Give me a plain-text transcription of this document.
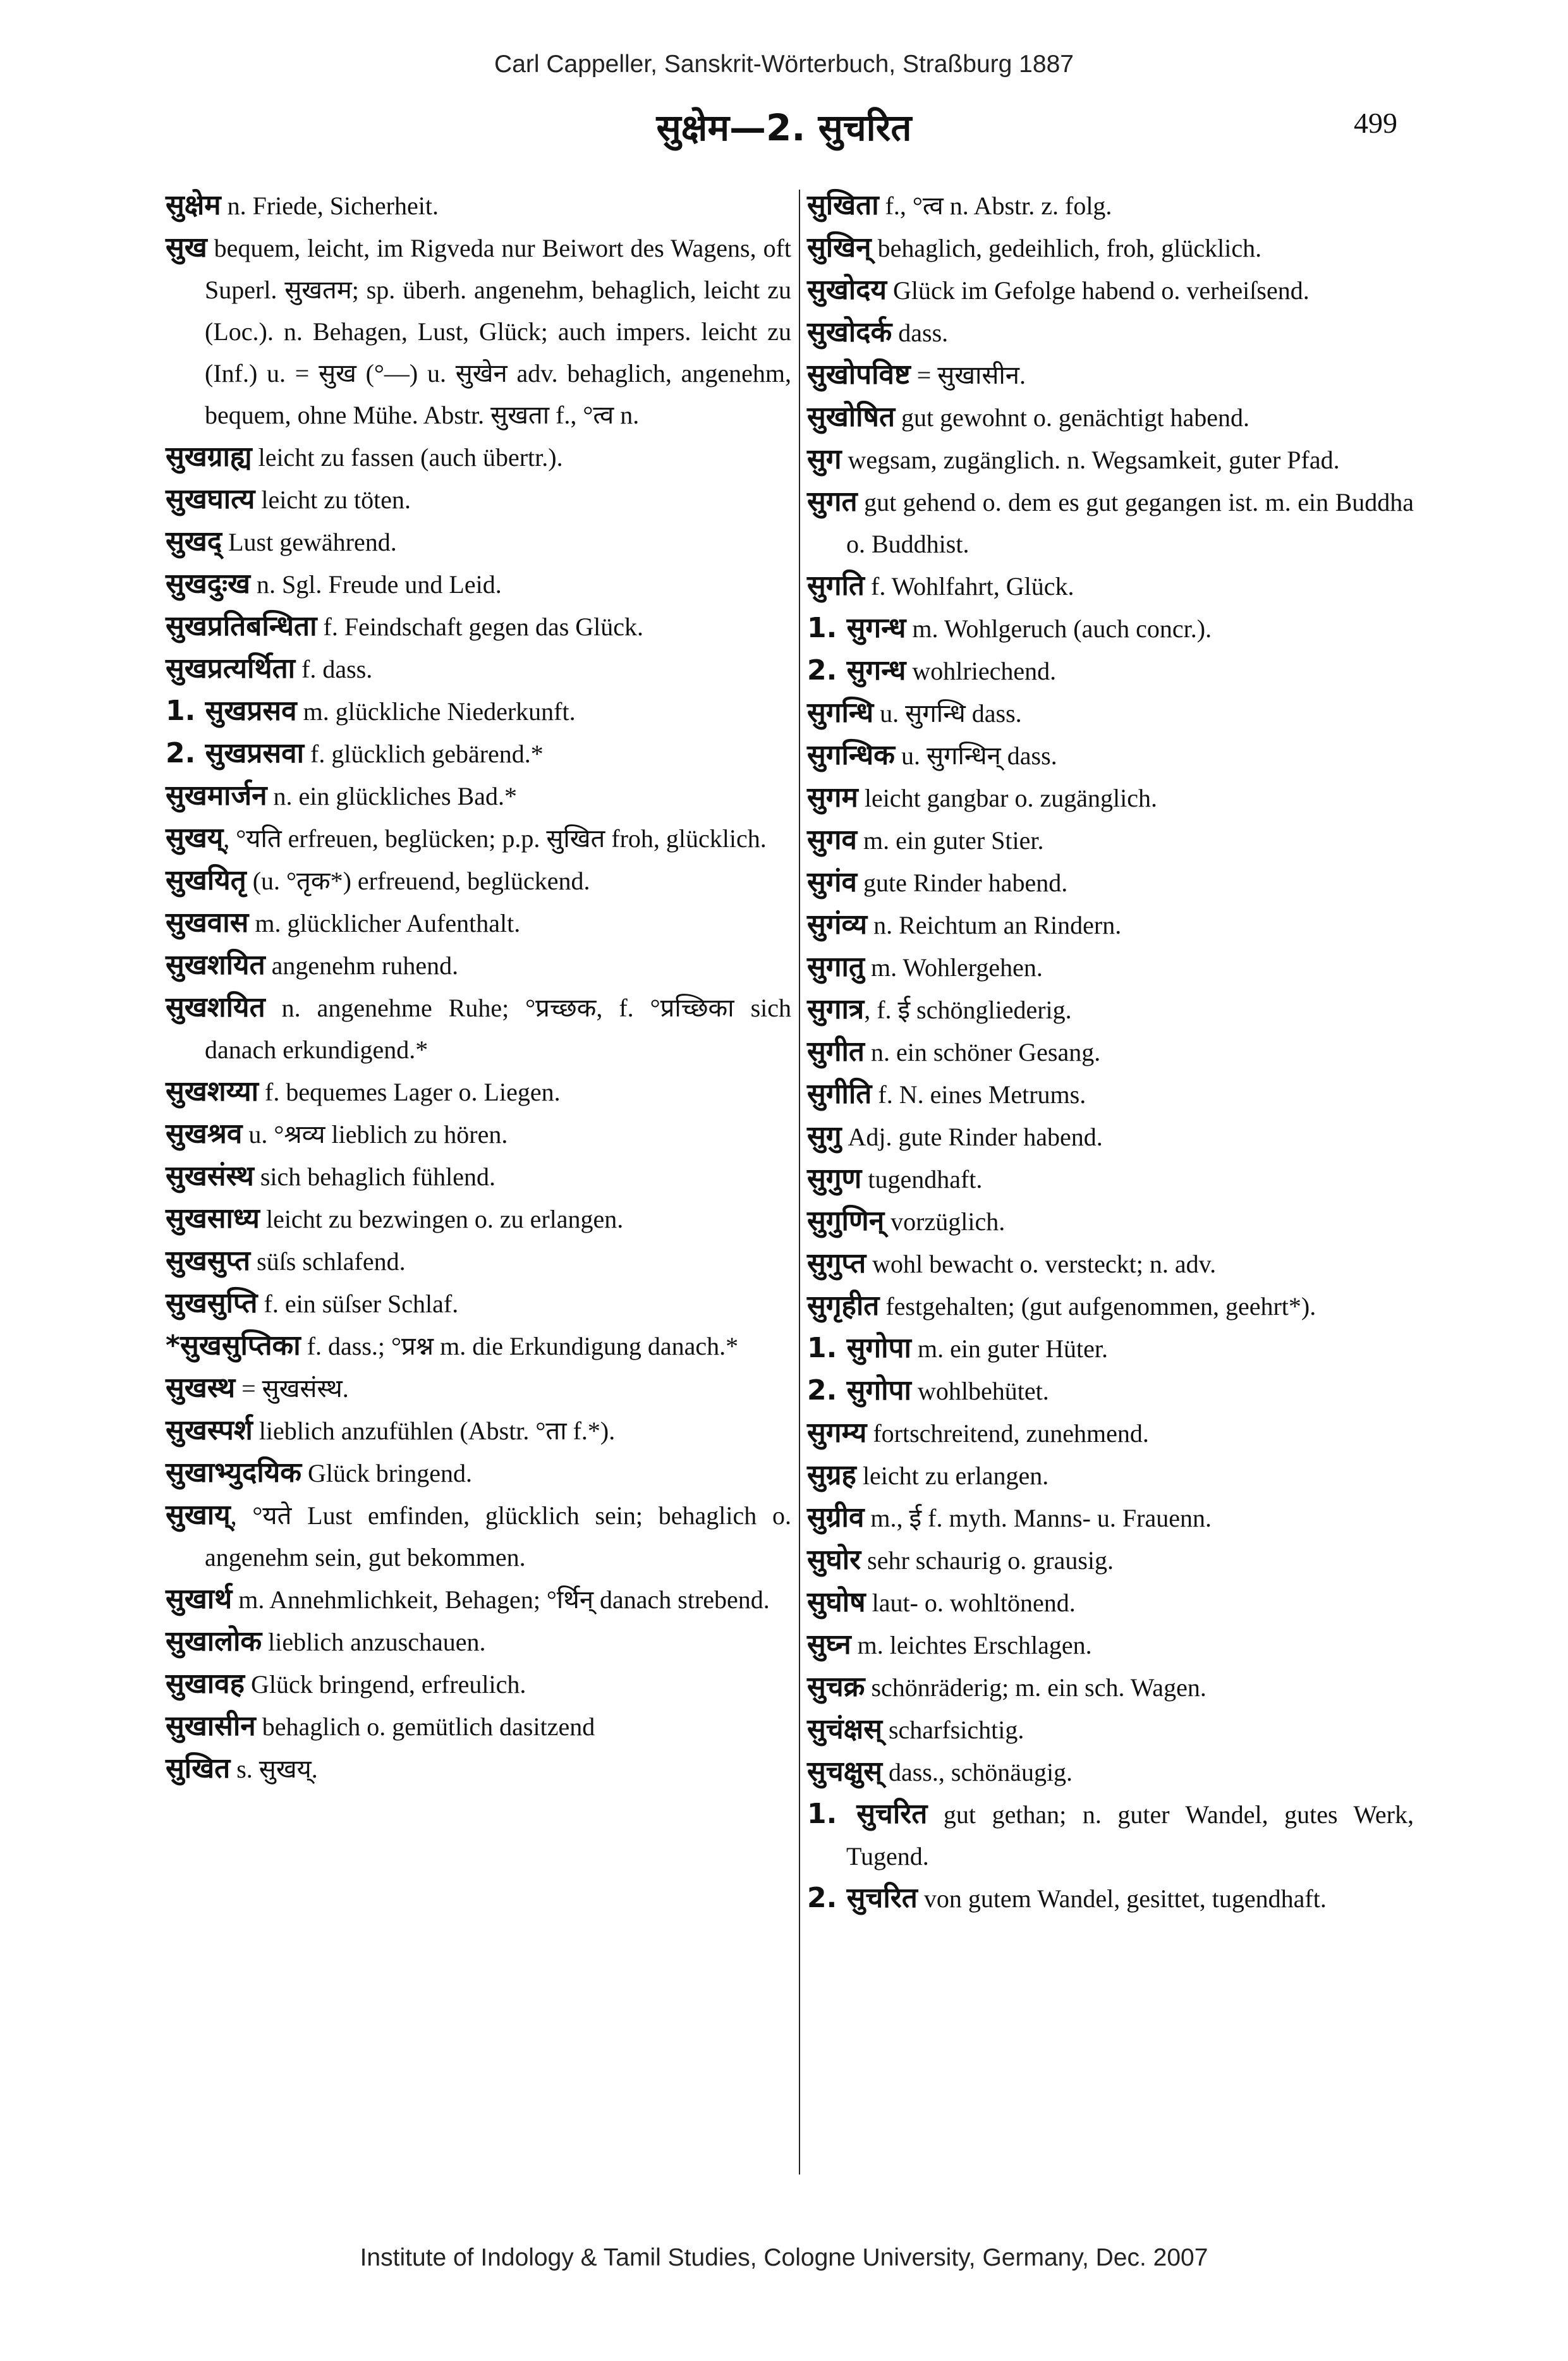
Carl Cappeller, Sanskrit-Wörterbuch, Straßburg 1887
सुक्षेम—2. सुचरित	499

सुक्षेम n. Friede, Sicherheit.

सुख bequem, leicht, im Rigveda nur Beiwort des Wagens, oft Superl. सुखतम; sp. überh. angenehm, behaglich, leicht zu (Loc.). n. Behagen, Lust, Glück; auch impers. leicht zu (Inf.) u. = सुख (°—) u. सुखेन adv. behaglich, angenehm, bequem, ohne Mühe. Abstr. सुखता f., °त्व n.

सुखग्राह्य leicht zu fassen (auch übertr.).

सुखघात्य leicht zu töten.

सुखद् Lust gewährend.

सुखदुःख n. Sgl. Freude und Leid.

सुखप्रतिबन्धिता f. Feindschaft gegen das Glück.

सुखप्रत्यर्थिता f. dass.

1. सुखप्रसव m. glückliche Niederkunft.

2. सुखप्रसवा f. glücklich gebärend.*

सुखमार्जन n. ein glückliches Bad.*

सुखय्, °यति erfreuen, beglücken; p.p. सुखित froh, glücklich.

सुखयितृ (u. °तृक*) erfreuend, beglückend.

सुखवास m. glücklicher Aufenthalt.

सुखशयित angenehm ruhend.

सुखशयित n. angenehme Ruhe; °प्रच्छक, f. °प्रच्छिका sich danach erkundigend.*

सुखशय्या f. bequemes Lager o. Liegen.

सुखश्रव u. °श्रव्य lieblich zu hören.

सुखसंस्थ sich behaglich fühlend.

सुखसाध्य leicht zu bezwingen o. zu erlangen.

सुखसुप्त süſs schlafend.

सुखसुप्ति f. ein süſser Schlaf.

*सुखसुप्तिका f. dass.; °प्रश्न m. die Erkundigung danach.*

सुखस्थ = सुखसंस्थ.

सुखस्पर्श lieblich anzufühlen (Abstr. °ता f.*).

सुखाभ्युदयिक Glück bringend.

सुखाय्, °यते Lust emfinden, glücklich sein; behaglich o. angenehm sein, gut bekommen.

सुखार्थ m. Annehmlichkeit, Behagen; °र्थिन् danach strebend.

सुखालोक lieblich anzuschauen.

सुखावह Glück bringend, erfreulich.

सुखासीन behaglich o. gemütlich dasitzend

सुखित s. सुखय्.

सुखिता f., °त्व n. Abstr. z. folg.

सुखिन् behaglich, gedeihlich, froh, glücklich.

सुखोदय Glück im Gefolge habend o. verheiſsend.

सुखोदर्क dass.

सुखोपविष्ट = सुखासीन.

सुखोषित gut gewohnt o. genächtigt habend.

सुग wegsam, zugänglich. n. Wegsamkeit, guter Pfad.

सुगत gut gehend o. dem es gut gegangen ist. m. ein Buddha o. Buddhist.

सुगति f. Wohlfahrt, Glück.

1. सुगन्ध m. Wohlgeruch (auch concr.).

2. सुगन्ध wohlriechend.

सुगन्धि u. सुगन्धि dass.

सुगन्धिक u. सुगन्धिन् dass.

सुगम leicht gangbar o. zugänglich.

सुगव m. ein guter Stier.

सुगंव gute Rinder habend.

सुगंव्य n. Reichtum an Rindern.

सुगातु m. Wohlergehen.

सुगात्र, f. ई schöngliederig.

सुगीत n. ein schöner Gesang.

सुगीति f. N. eines Metrums.

सुगु Adj. gute Rinder habend.

सुगुण tugendhaft.

सुगुणिन् vorzüglich.

सुगुप्त wohl bewacht o. versteckt; n. adv.

सुगृहीत festgehalten; (gut aufgenommen, geehrt*).

1. सुगोपा m. ein guter Hüter.

2. सुगोपा wohlbehütet.

सुगम्य fortschreitend, zunehmend.

सुग्रह leicht zu erlangen.

सुग्रीव m., ई f. myth. Manns- u. Frauenn.

सुघोर sehr schaurig o. grausig.

सुघोष laut- o. wohltönend.

सुघ्न m. leichtes Erschlagen.

सुचक्र schönräderig; m. ein sch. Wagen.

सुचंक्षस् scharfsichtig.

सुचक्षुस् dass., schönäugig.

1. सुचरित gut gethan; n. guter Wandel, gutes Werk, Tugend.

2. सुचरित von gutem Wandel, gesittet, tugendhaft.

Institute of Indology & Tamil Studies, Cologne University, Germany, Dec. 2007
